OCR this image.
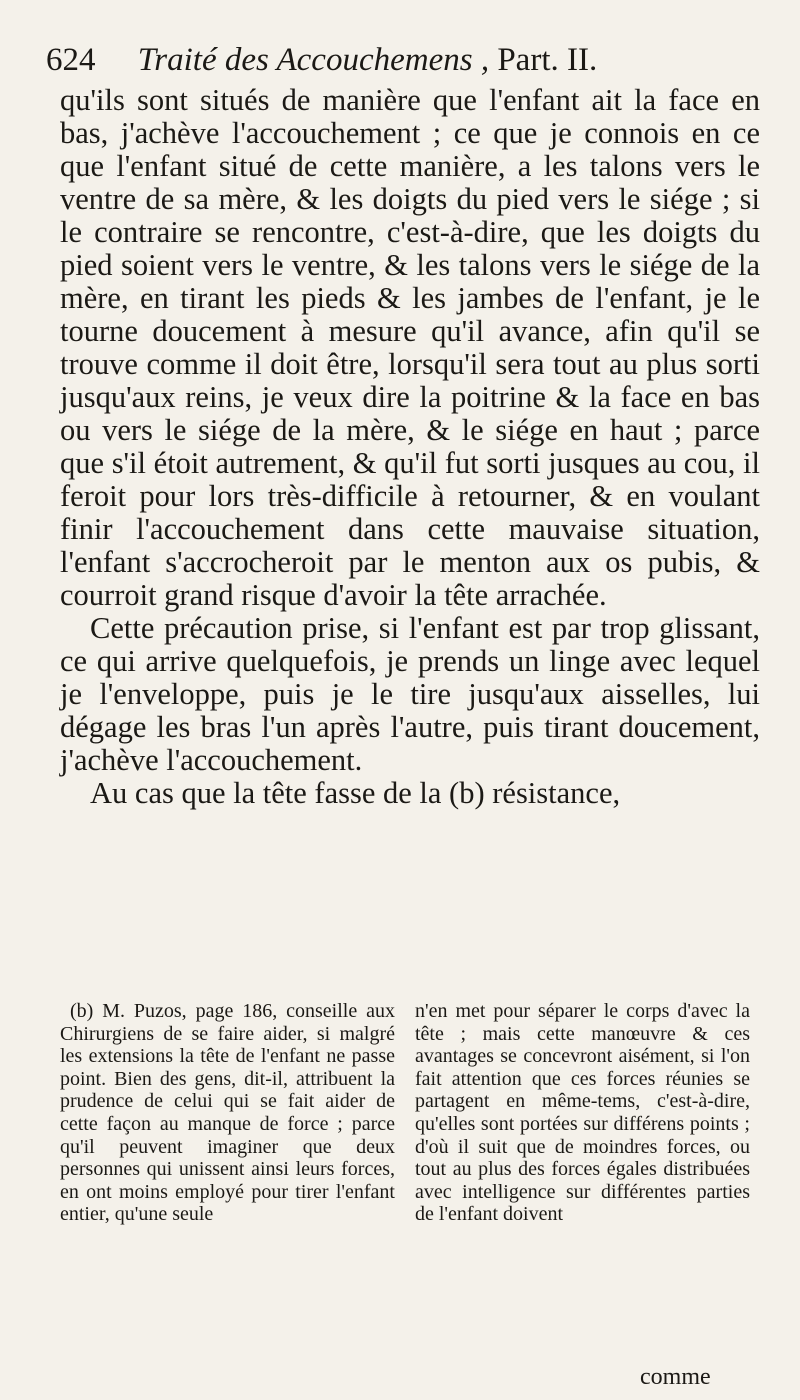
624 Traité des Accouchemens , Part. II.

qu'ils sont situés de manière que l'enfant ait la face en bas, j'achève l'accouchement ; ce que je connois en ce que l'enfant situé de cette manière, a les talons vers le ventre de sa mère, & les doigts du pied vers le siége ; si le contraire se rencontre, c'est-à-dire, que les doigts du pied soient vers le ventre, & les talons vers le siége de la mère, en tirant les pieds & les jambes de l'enfant, je le tourne doucement à mesure qu'il avance, afin qu'il se trouve comme il doit être, lorsqu'il sera tout au plus sorti jusqu'aux reins, je veux dire la poitrine & la face en bas ou vers le siége de la mère, & le siége en haut ; parce que s'il étoit autrement, & qu'il fut sorti jusques au cou, il feroit pour lors très-difficile à retourner, & en voulant finir l'accouchement dans cette mauvaise situation, l'enfant s'accrocheroit par le menton aux os pubis, & courroit grand risque d'avoir la tête arrachée.

Cette précaution prise, si l'enfant est par trop glissant, ce qui arrive quelquefois, je prends un linge avec lequel je l'enveloppe, puis je le tire jusqu'aux aisselles, lui dégage les bras l'un après l'autre, puis tirant doucement, j'achève l'accouchement.

Au cas que la tête fasse de la (b) résistance,

(b) M. Puzos, page 186, conseille aux Chirurgiens de se faire aider, si malgré les extensions la tête de l'enfant ne passe point. Bien des gens, dit-il, attribuent la prudence de celui qui se fait aider de cette façon au manque de force ; parce qu'il peuvent imaginer que deux personnes qui unissent ainsi leurs forces, en ont moins employé pour tirer l'enfant entier, qu'une seule

n'en met pour séparer le corps d'avec la tête ; mais cette manœuvre & ces avantages se concevront aisément, si l'on fait attention que ces forces réunies se partagent en même-tems, c'est-à-dire, qu'elles sont portées sur différens points ; d'où il suit que de moindres forces, ou tout au plus des forces égales distribuées avec intelligence sur différentes parties de l'enfant doivent

comme
